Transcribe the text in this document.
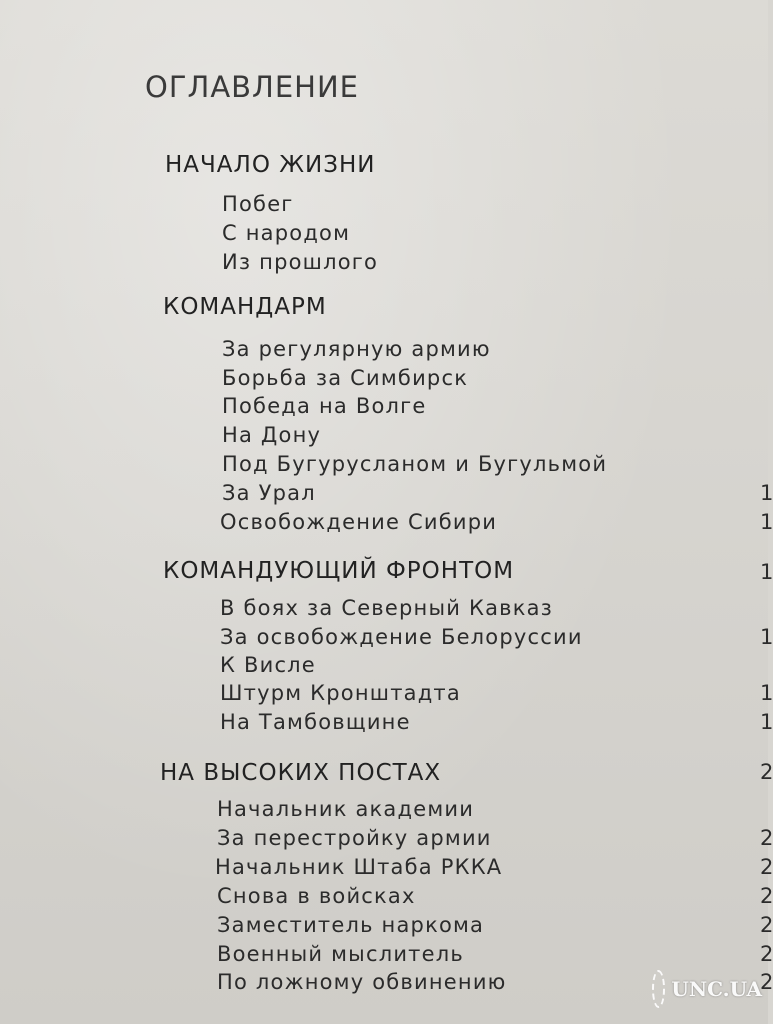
ОГЛАВЛЕНИЕ
НАЧАЛО ЖИЗНИ
Побег
С народом
Из прошлого
КОМАНДАРМ
За регулярную армию
Борьба за Симбирск
Победа на Волге
На Дону
Под Бугурусланом и Бугульмой
За Урал	1
Освобождение Сибири	1
КОМАНДУЮЩИЙ ФРОНТОМ	1
В боях за Северный Кавказ
За освобождение Белоруссии	1
К Висле
Штурм Кронштадта	1
На Тамбовщине	1
НА ВЫСОКИХ ПОСТАХ	2
Начальник академии
За перестройку армии	2
Начальник Штаба РККА	2
Снова в войсках	2
Заместитель наркома	2
Военный мыслитель	2
По ложному обвинению	2
UNC.UA
